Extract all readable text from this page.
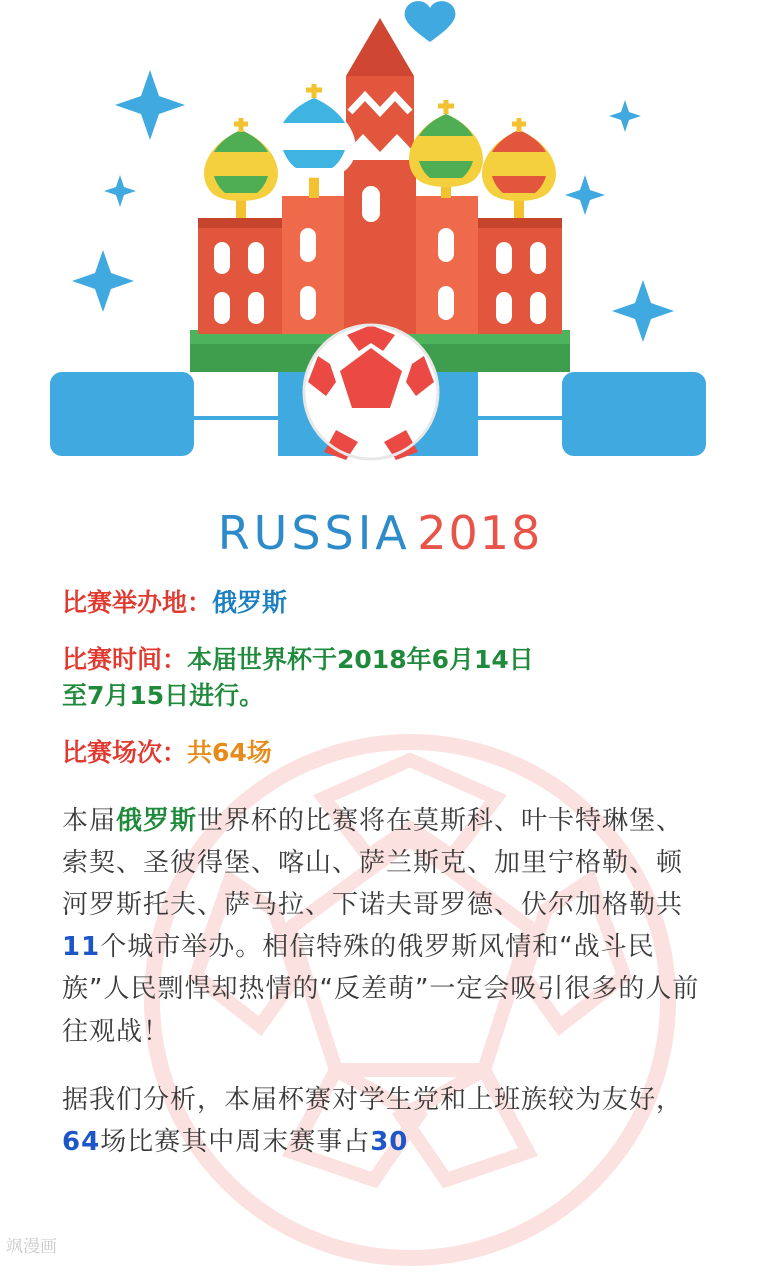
RUSSIA 2018
比赛举办地：俄罗斯
比赛时间：本届世界杯于2018年6月14日
至7月15日进行。
比赛场次：共64场
本届俄罗斯世界杯的比赛将在莫斯科、叶卡特琳堡、索契、圣彼得堡、喀山、萨兰斯克、加里宁格勒、顿河罗斯托夫、萨马拉、下诺夫哥罗德、伏尔加格勒共11个城市举办。相信特殊的俄罗斯风情和“战斗民族”人民剽悍却热情的“反差萌”一定会吸引很多的人前往观战！
据我们分析，本届杯赛对学生党和上班族较为友好，64场比赛其中周末赛事占30
飒漫画
